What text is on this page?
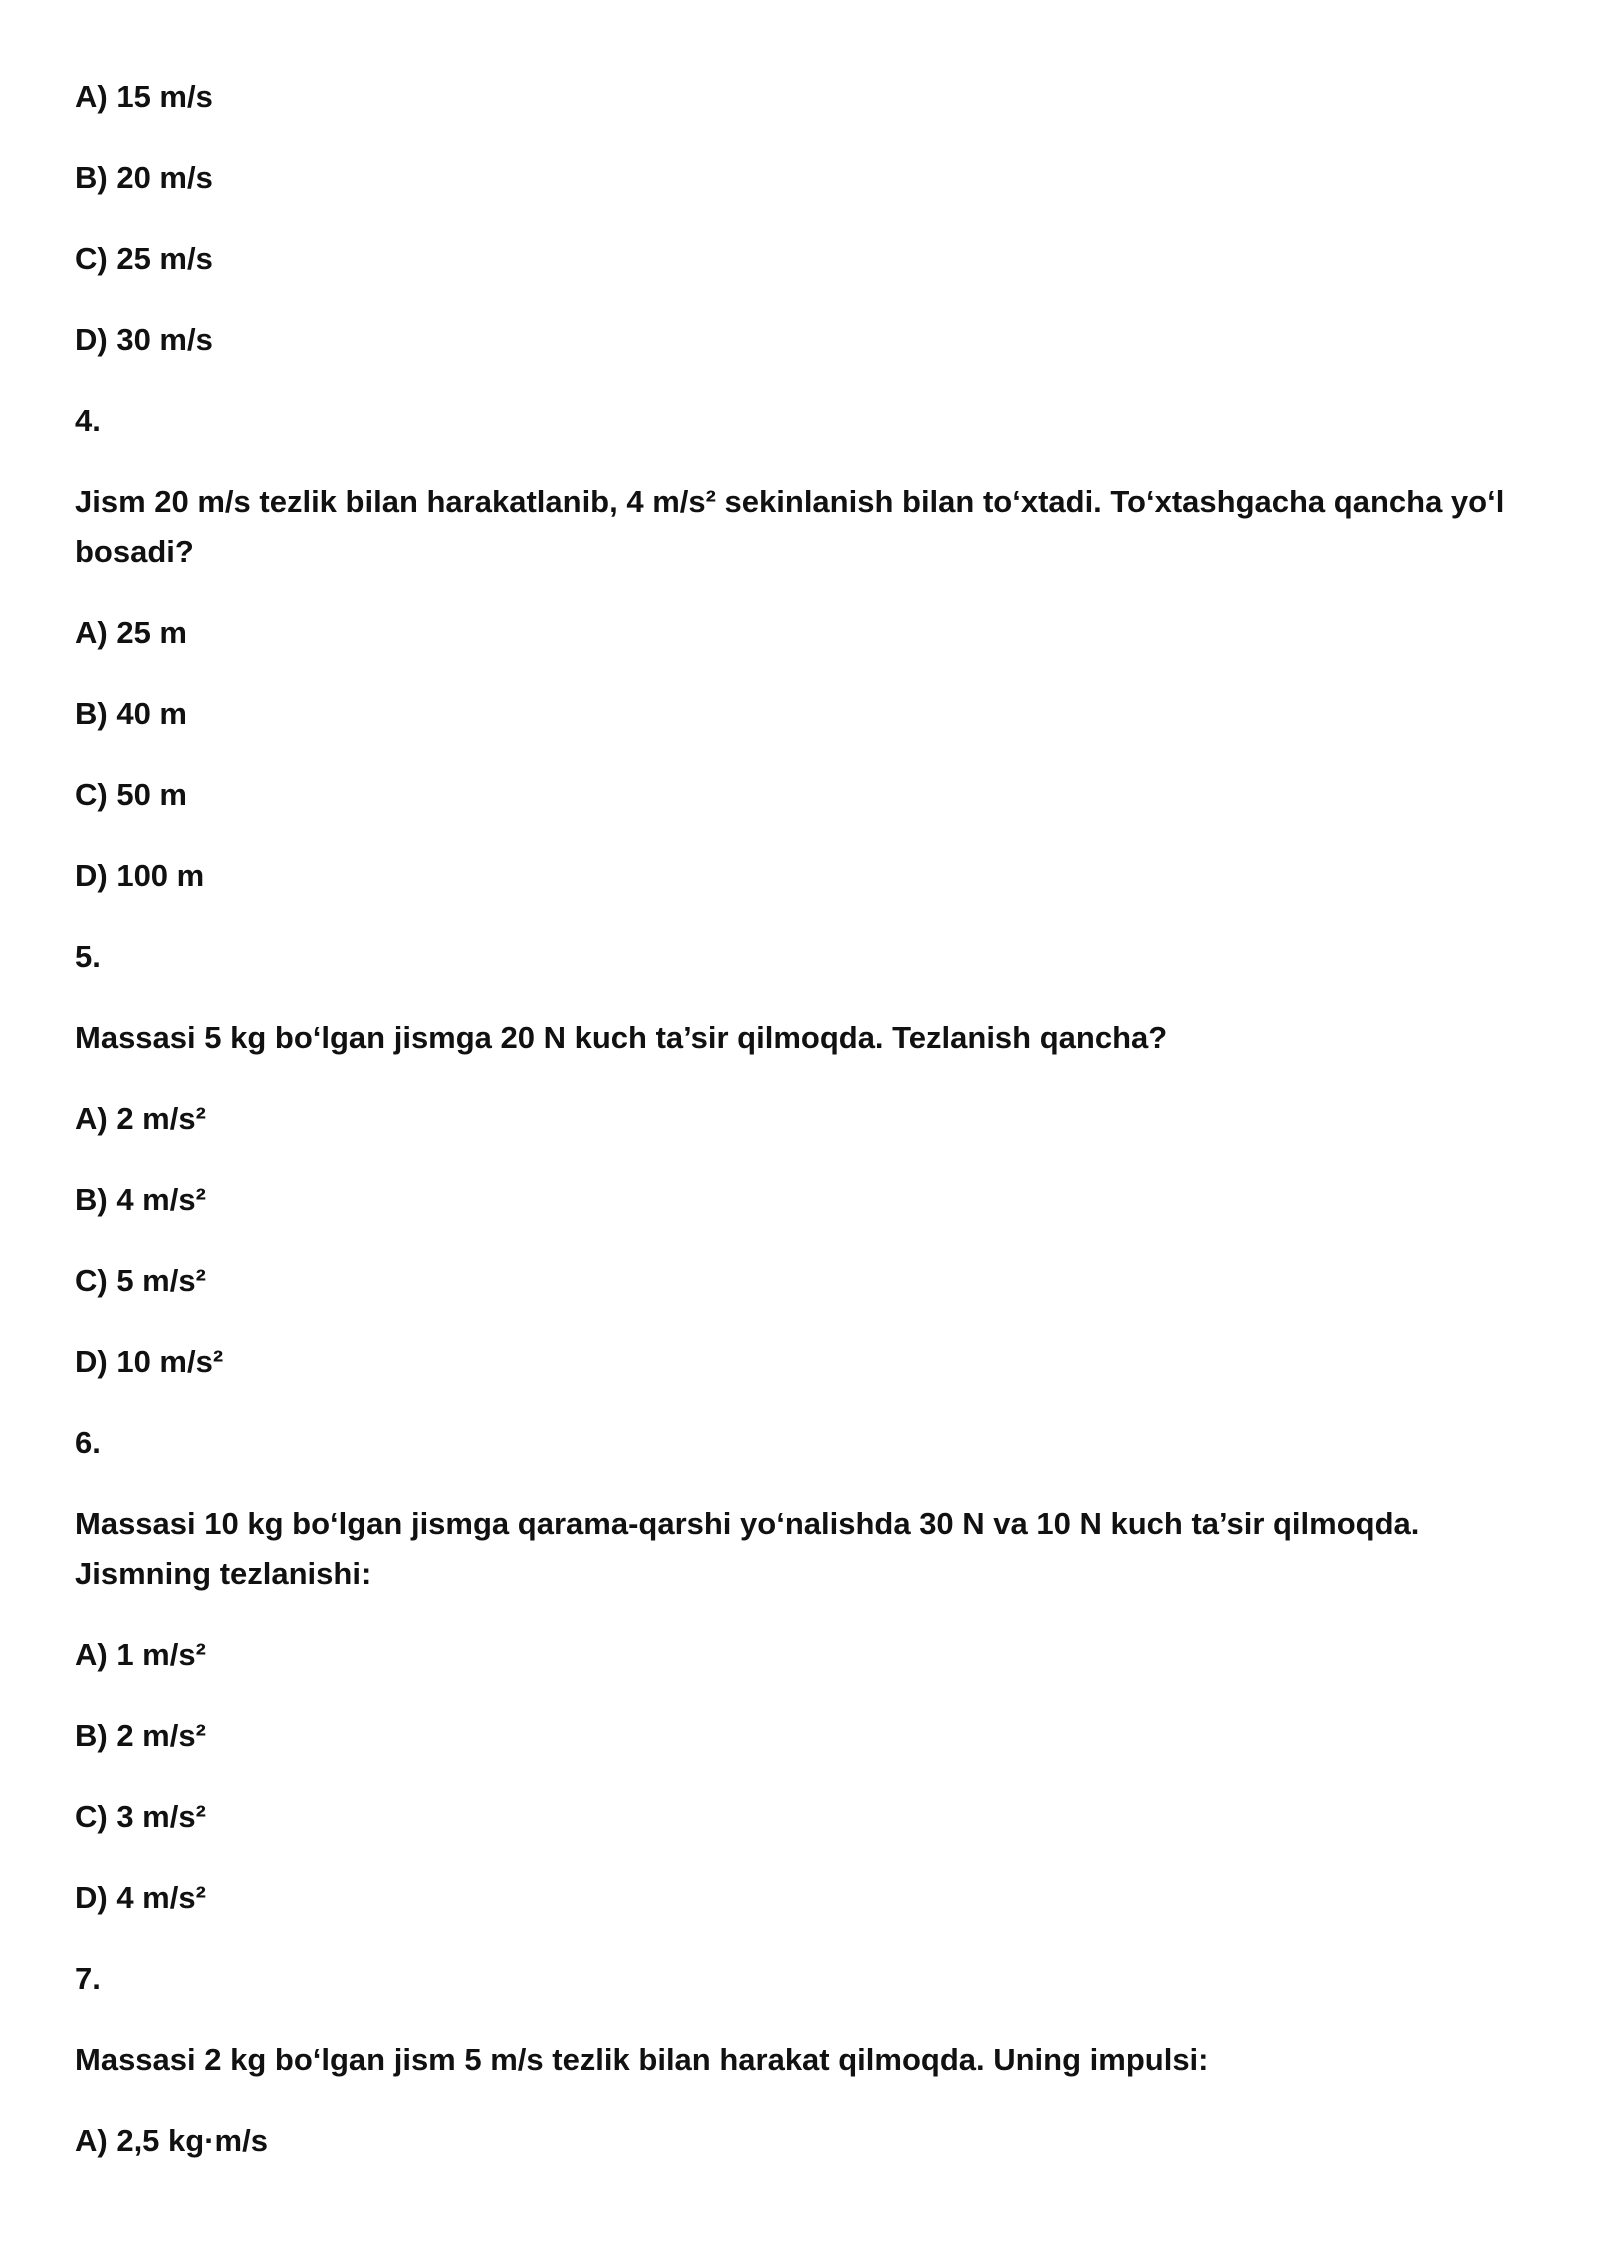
A) 15 m/s

B) 20 m/s

C) 25 m/s

D) 30 m/s

4.

Jism 20 m/s tezlik bilan harakatlanib, 4 m/s² sekinlanish bilan to‘xtadi. To‘xtashgacha qancha yo‘l bosadi?

A) 25 m

B) 40 m

C) 50 m

D) 100 m

5.

Massasi 5 kg bo‘lgan jismga 20 N kuch ta’sir qilmoqda. Tezlanish qancha?

A) 2 m/s²

B) 4 m/s²

C) 5 m/s²

D) 10 m/s²

6.

Massasi 10 kg bo‘lgan jismga qarama-qarshi yo‘nalishda 30 N va 10 N kuch ta’sir qilmoqda. Jismning tezlanishi:

A) 1 m/s²

B) 2 m/s²

C) 3 m/s²

D) 4 m/s²

7.

Massasi 2 kg bo‘lgan jism 5 m/s tezlik bilan harakat qilmoqda. Uning impulsi:

A) 2,5 kg·m/s
